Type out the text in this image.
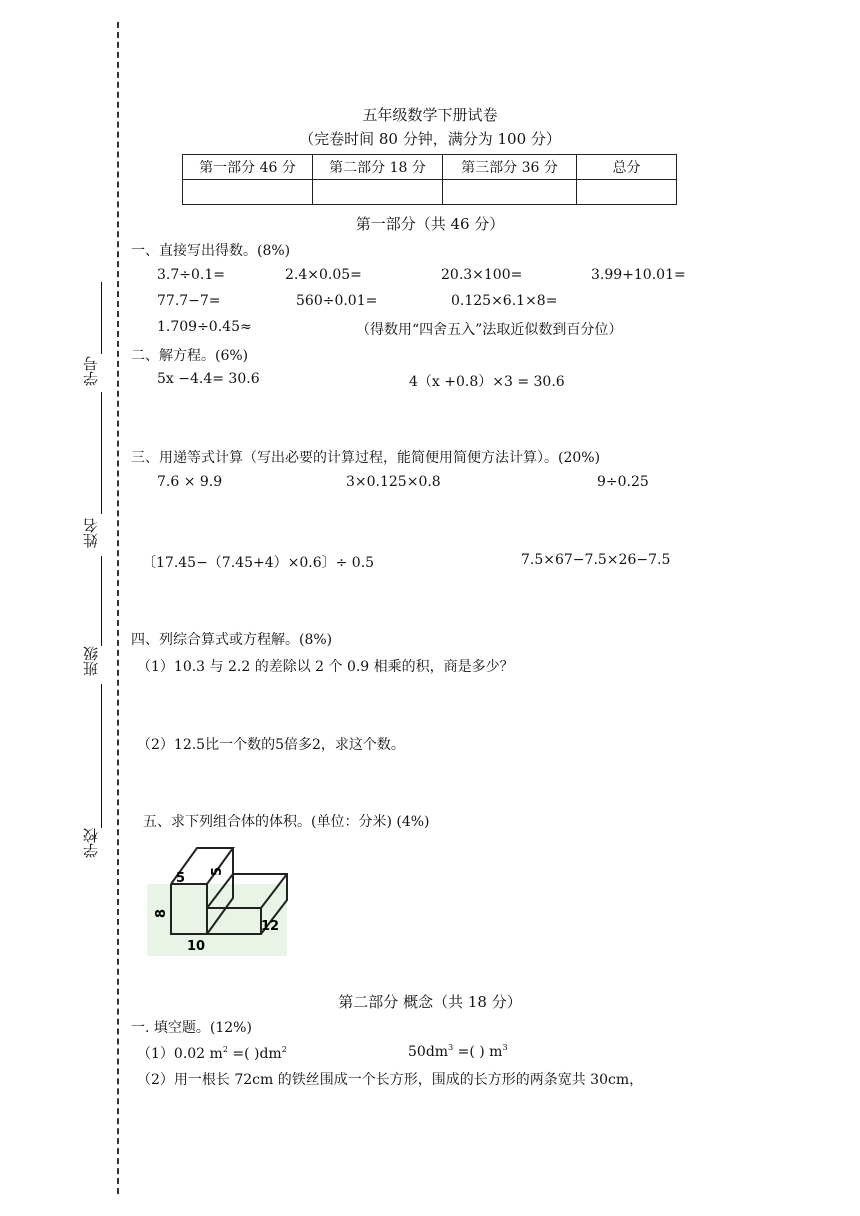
学号
姓名
班级
学校
五年级数学下册试卷
（完卷时间 80 分钟，满分为 100 分）
第一部分 46 分	第二部分 18 分	第三部分 36 分	总分

第一部分（共 46 分）
一、直接写出得数。(8%)
3.7÷0.1=	2.4×0.05=	20.3×100=	3.99+10.01=
77.7−7=	560÷0.01=	0.125×6.1×8=
1.709÷0.45≈	（得数用“四舍五入”法取近似数到百分位）
二、解方程。(6%)
5x −4.4= 30.6	4（x +0.8）×3 = 30.6
三、用递等式计算（写出必要的计算过程，能简便用简便方法计算）。(20%)
7.6 × 9.9	3×0.125×0.8	9÷0.25
〔17.45−（7.45+4）×0.6〕÷ 0.5	7.5×67−7.5×26−7.5
四、列综合算式或方程解。(8%)
（1）10.3 与 2.2 的差除以 2 个 0.9 相乘的积，商是多少？
（2）12.5比一个数的5倍多2，求这个数。
五、求下列组合体的体积。(单位：分米) (4%)
5 5
8
12
10
第二部分 概念（共 18 分）
一. 填空题。(12%)
（1）0.02 $m^2$ =( )$dm^2$	$50dm^3$ =( ) $m^3$
（2）用一根长 72cm 的铁丝围成一个长方形，围成的长方形的两条宽共 30cm，
